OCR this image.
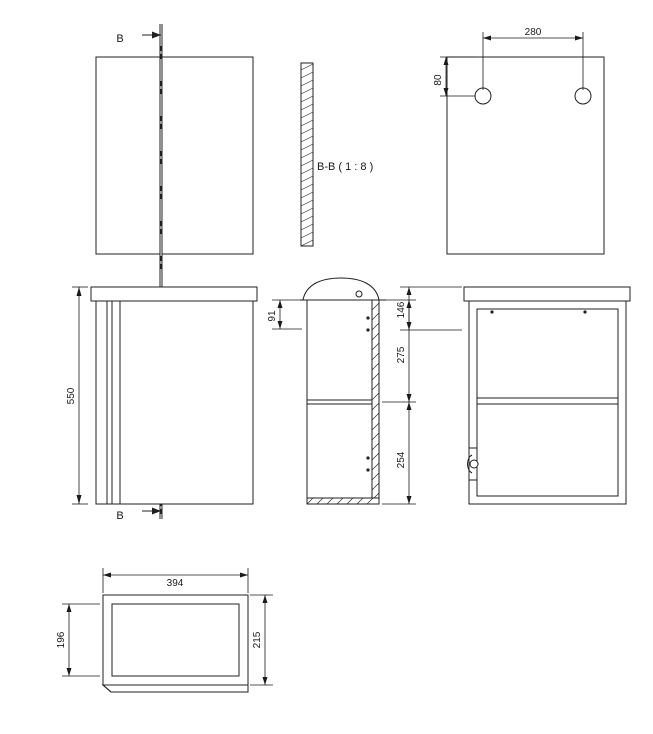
B
B
B-B ( 1 : 8 )
280
80
550
91	146
275
254
394
196	215
